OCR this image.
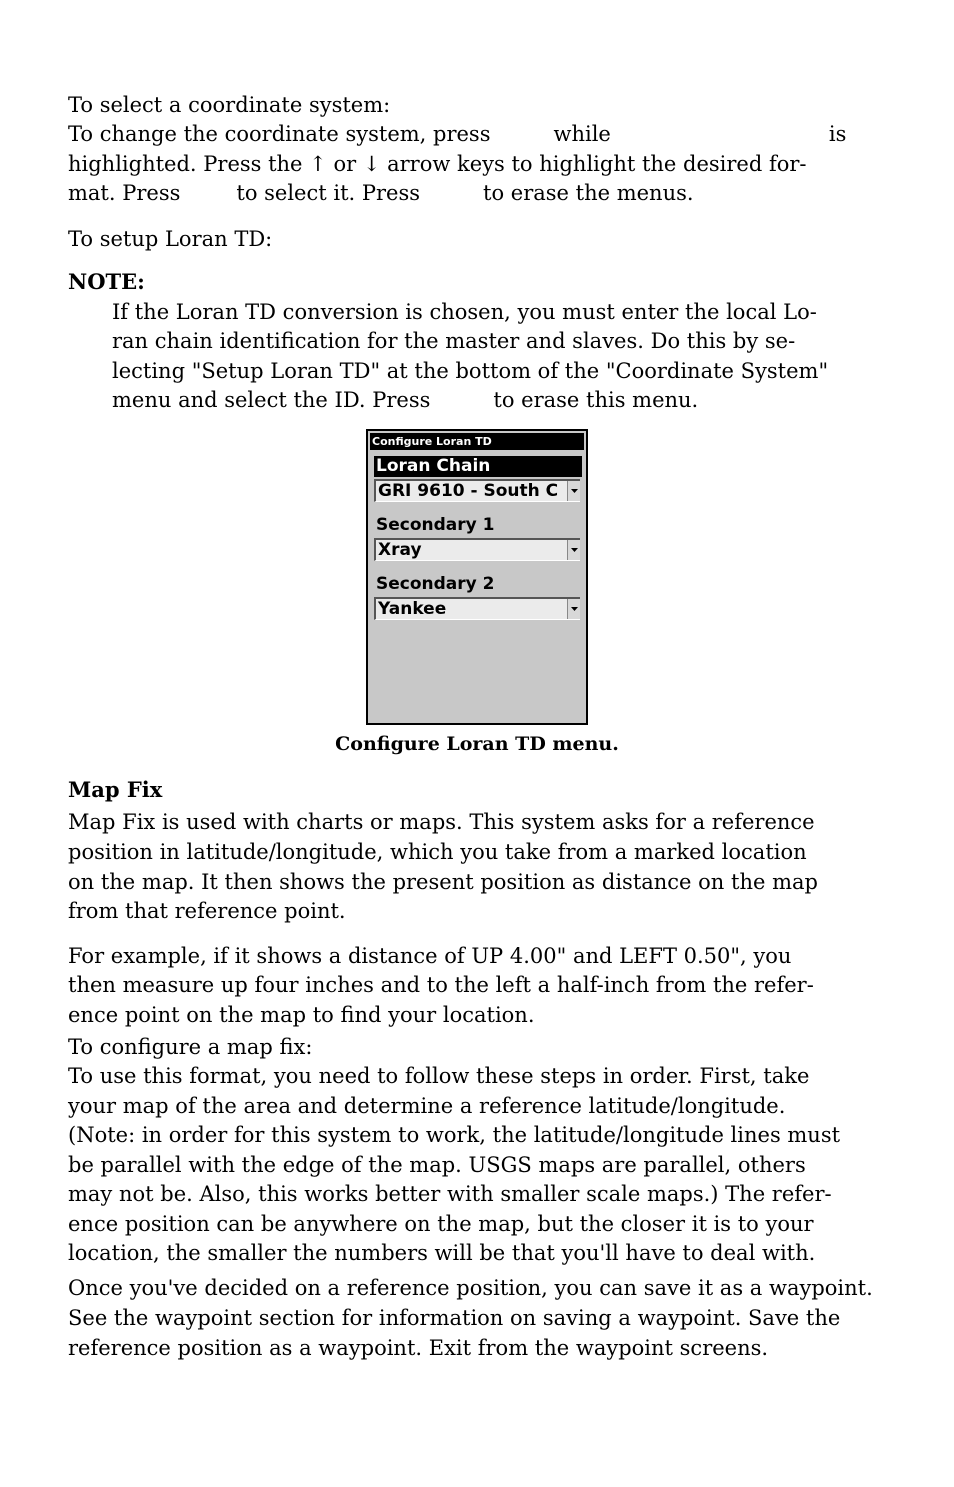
To select a coordinate system:
To change the coordinate system, press	while	is
highlighted. Press the ↑ or ↓ arrow keys to highlight the desired for-
mat. Press	to select it. Press	to erase the menus.
To setup Loran TD:
NOTE:
If the Loran TD conversion is chosen, you must enter the local Lo-
ran chain identification for the master and slaves. Do this by se-
lecting "Setup Loran TD" at the bottom of the "Coordinate System"
menu and select the ID. Press	to erase this menu.
Configure Loran TD
Loran Chain
GRI 9610 - South C
Secondary 1
Xray
Secondary 2
Yankee
Configure Loran TD menu.
Map Fix
Map Fix is used with charts or maps. This system asks for a reference
position in latitude/longitude, which you take from a marked location
on the map. It then shows the present position as distance on the map
from that reference point.
For example, if it shows a distance of UP 4.00" and LEFT 0.50", you
then measure up four inches and to the left a half-inch from the refer-
ence point on the map to find your location.
To configure a map fix:
To use this format, you need to follow these steps in order. First, take
your map of the area and determine a reference latitude/longitude.
(Note: in order for this system to work, the latitude/longitude lines must
be parallel with the edge of the map. USGS maps are parallel, others
may not be. Also, this works better with smaller scale maps.) The refer-
ence position can be anywhere on the map, but the closer it is to your
location, the smaller the numbers will be that you'll have to deal with.
Once you've decided on a reference position, you can save it as a waypoint.
See the waypoint section for information on saving a waypoint. Save the
reference position as a waypoint. Exit from the waypoint screens.
